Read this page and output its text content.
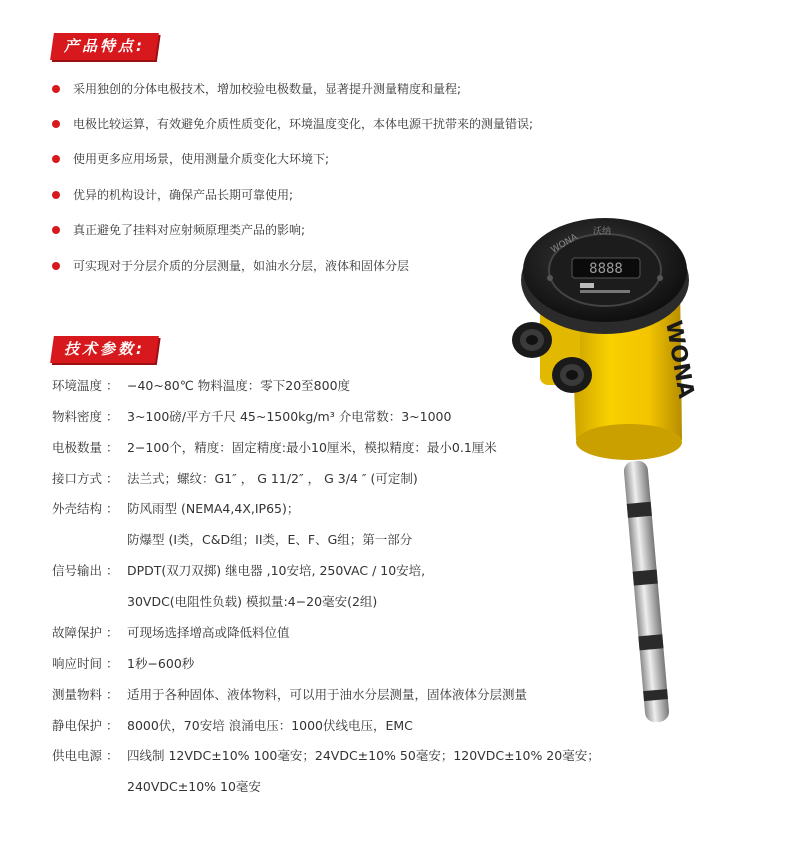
产品特点:
采用独创的分体电极技术，增加校验电极数量，显著提升测量精度和量程;
电极比较运算，有效避免介质性质变化，环境温度变化，本体电源干扰带来的测量错误;
使用更多应用场景，使用测量介质变化大环境下;
优异的机构设计，确保产品长期可靠使用;
真正避免了挂料对应射频原理类产品的影响;
可实现对于分层介质的分层测量，如油水分层，液体和固体分层
技术参数:
环境温度 ：−40~80℃ 物料温度：零下20至800度
物料密度 ： 3~100磅/平方千尺 45~1500kg/m³ 介电常数：3~1000
电极数量 ： 2−100个，精度：固定精度:最小10厘米，模拟精度：最小0.1厘米
接口方式 ： 法兰式；螺纹：G1″ ， G 11/2″ ， G 3/4 ″ (可定制)
外壳结构 ： 防风雨型 (NEMA4,4X,IP65)；
防爆型 (I类，C&D组；II类，E、F、G组；第一部分
信号输出 ： DPDT(双刀双掷) 继电器 ,10安培, 250VAC / 10安培,
30VDC(电阻性负载) 模拟量:4−20毫安(2组)
故障保护 ： 可现场选择增高或降低料位值
响应时间 ： 1秒−600秒
测量物料 ： 适用于各种固体、液体物料，可以用于油水分层测量，固体液体分层测量
静电保护 ： 8000伏，70安培 浪涌电压：1000伏线电压，EMC
供电电源 ： 四线制 12VDC±10% 100毫安；24VDC±10% 50毫安；120VDC±10% 20毫安；
240VDC±10% 10毫安
WONA
8888
WONA
沃纳
